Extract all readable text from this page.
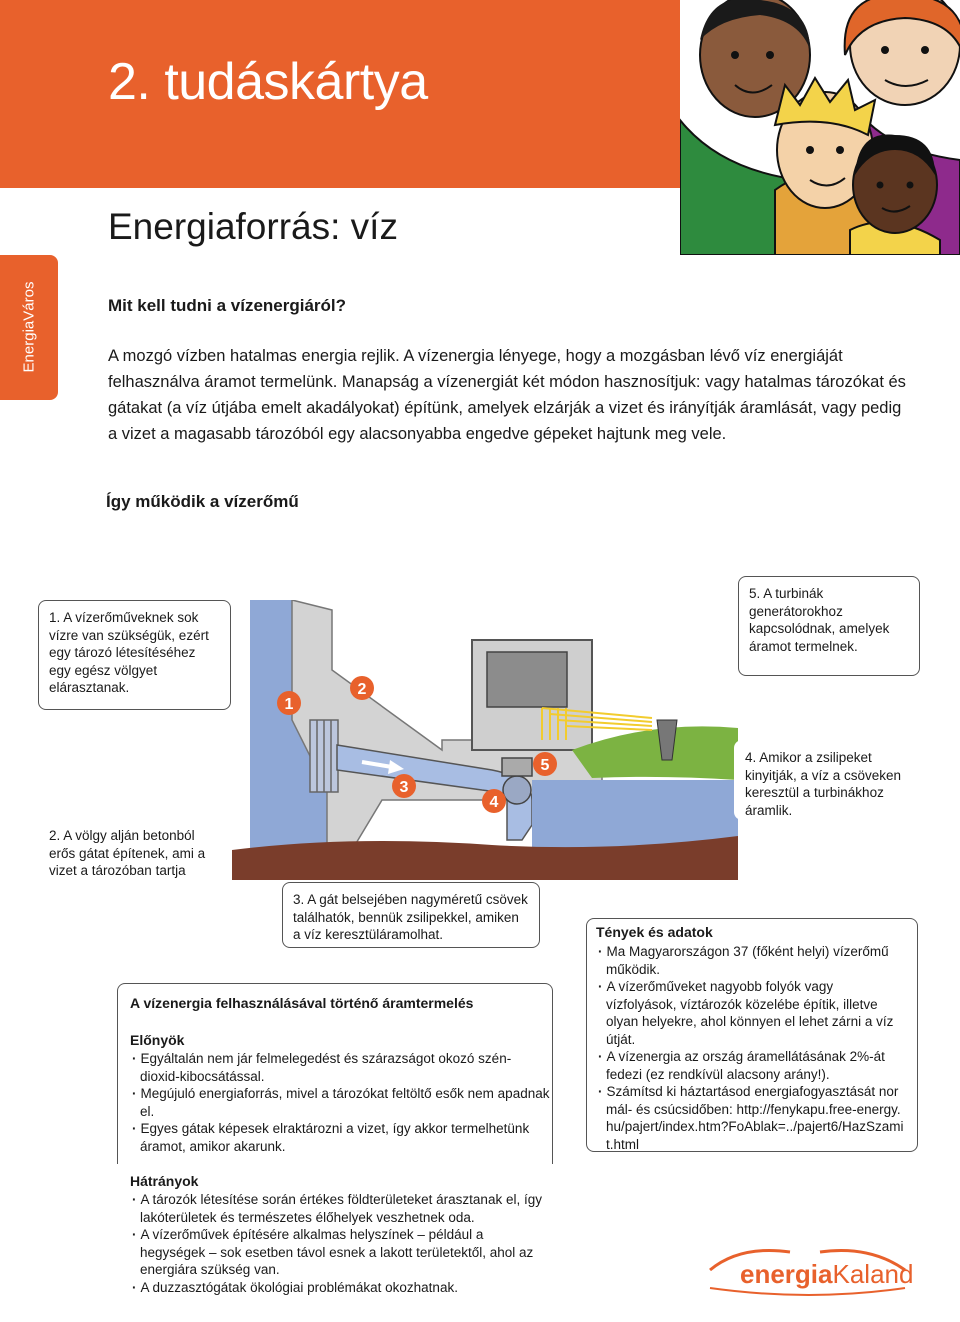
2. tudáskártya
Energiaforrás: víz
EnergiaVáros	Mit kell tudni a vízenergiáról?
A mozgó vízben hatalmas energia rejlik. A vízenergia lényege, hogy a mozgásban lévő víz energiáját felhasználva áramot termelünk. Manapság a vízenergiát két módon hasznosítjuk: vagy hatalmas tározókat és gátakat (a víz útjába emelt akadályokat) építünk, amelyek elzárják a vizet és irányítják áramlását, vagy pedig a vizet a magasabb tározóból egy alacsonyabba engedve gépeket hajtunk meg vele.
Így működik a vízerőmű
1
2
3
4
5
1. A vízerőműveknek sok vízre van szükségük, ezért egy tározó létesítéséhez egy egész völgyet elárasztanak.
5. A turbinák generátorokhoz kapcsolódnak, amelyek áramot termelnek.
4. Amikor a zsilipeket kinyitják, a víz a csöveken keresztül a turbinákhoz áramlik.
2. A völgy alján betonból erős gátat építenek, ami a vizet a tározóban tartja
3. A gát belsejében nagyméretű csövek találhatók, bennük zsilipekkel, amiken a víz keresztüláramolhat.
A vízenergia felhasználásával történő áramtermelés
Előnyök
· Egyáltalán nem jár felmelegedést és szárazságot okozó szén-dioxid-kibocsátással.
· Megújuló energiaforrás, mivel a tározókat feltöltő esők nem apadnak el.
· Egyes gátak képesek elraktározni a vizet, így akkor termelhetünk áramot, amikor akarunk.
Hátrányok
· A tározók létesítése során értékes földterületeket árasztanak el, így lakóterületek és természetes élőhelyek veszhetnek oda.
· A vízerőművek építésére alkalmas helyszínek – például a hegységek – sok esetben távol esnek a lakott területektől, ahol az energiára szükség van.
· A duzzasztógátak ökológiai problémákat okozhatnak.
Tények és adatok
· Ma Magyarországon 37 (főként helyi) vízerőmű működik.
· A vízerőműveket nagyobb folyók vagy vízfolyások, víztározók közelébe építik, illetve olyan helyekre, ahol könnyen el lehet zárni a víz útját.
· A vízenergia az ország áramellátásának 2%-át fedezi (ez rendkívül alacsony arány!).
· Számítsd ki háztartásod energiafogyasztását normál- és csúcsidőben: http://fenykapu.free-energy.hu/pajert/index.htm?FoAblak=../pajert6/HazSzamit.html
energiaKaland
